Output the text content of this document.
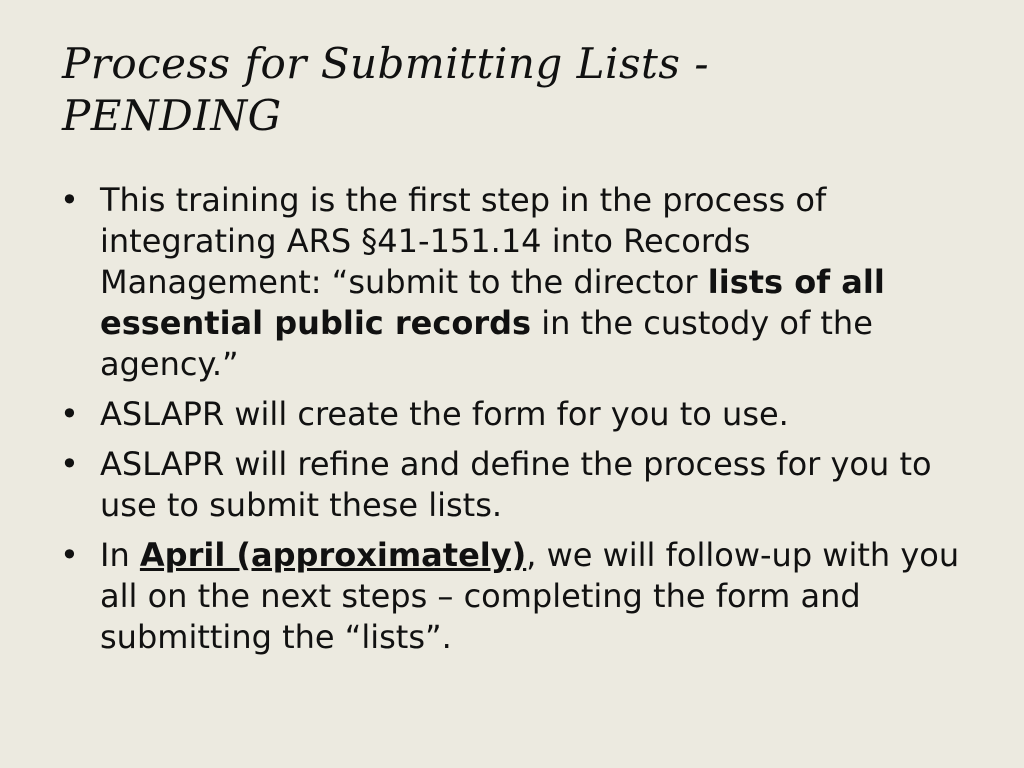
Process for Submitting Lists -
PENDING
• This training is the first step in the process of integrating ARS §41-151.14 into Records Management: “submit to the director lists of all essential public records in the custody of the agency.”
• ASLAPR will create the form for you to use.
• ASLAPR will refine and define the process for you to use to submit these lists.
• In April (approximately), we will follow-up with you all on the next steps – completing the form and submitting the “lists”.
